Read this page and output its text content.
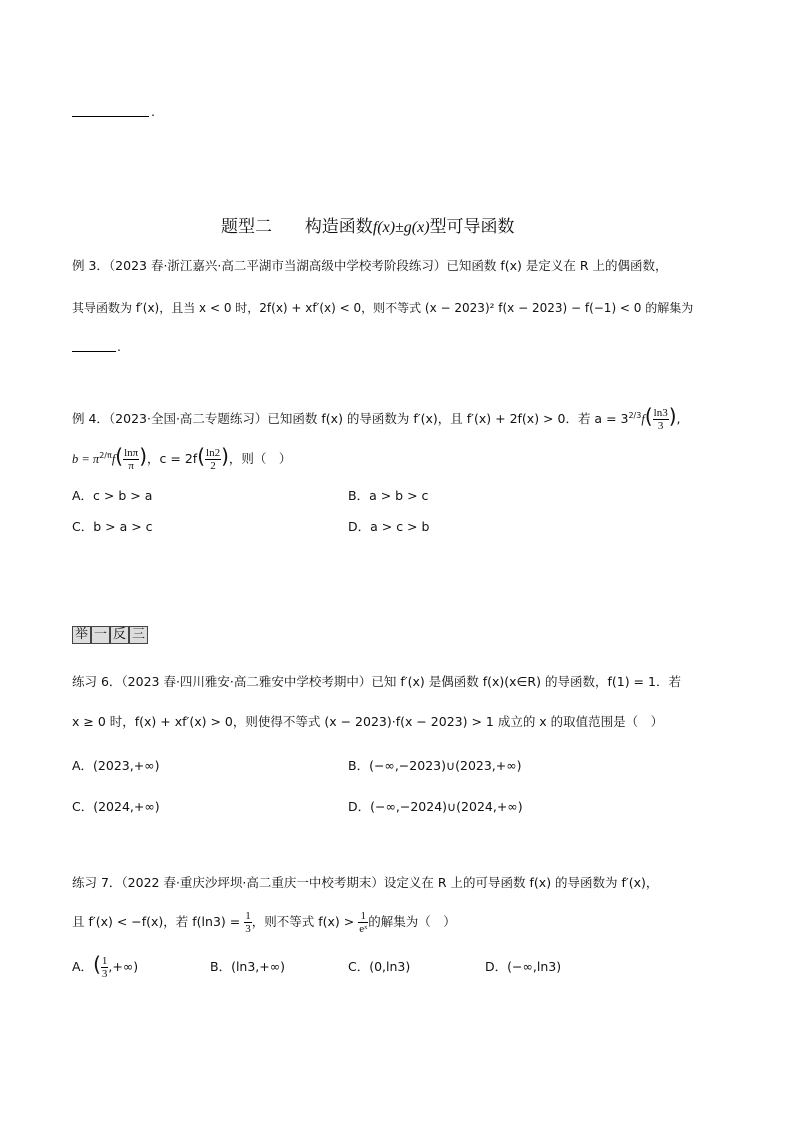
.
题型二 构造函数f(x)±g(x)型可导函数
例 3．（2023 春·浙江嘉兴·高二平湖市当湖高级中学校考阶段练习）已知函数 f(x) 是定义在 R 上的偶函数，
其导函数为 f′(x)，且当 x < 0 时，2f(x) + xf′(x) < 0，则不等式 (x − 2023)² f(x − 2023) − f(−1) < 0 的解集为
.
例 4．（2023·全国·高二专题练习）已知函数 f(x) 的导函数为 f′(x)，且 f′(x) + 2f(x) > 0．若 $a = 3^{2/3}f( \frac{\ln 3}{3}$ ),
$b = \pi^{2/\pi}f( \frac{\ln\pi}{\pi}$ )，$c = 2f( \frac{\ln 2}{2}$ )，则（　）
A．c > b > a	B．a > b > c
C．b > a > c	D．a > c > b
举 一 反 三
练习 6．（2023 春·四川雅安·高二雅安中学校考期中）已知 f′(x) 是偶函数 f(x)(x∈R) 的导函数，f(1) = 1．若
x ≥ 0 时，f(x) + xf′(x) > 0，则使得不等式 (x − 2023)·f(x − 2023) > 1 成立的 x 的取值范围是（　）
A．(2023,+∞)	B．(−∞,−2023)∪(2023,+∞)
C．(2024,+∞)	D．(−∞,−2024)∪(2024,+∞)
练习 7．（2022 春·重庆沙坪坝·高二重庆一中校考期末）设定义在 R 上的可导函数 f(x) 的导函数为 f′(x)，
且 f′(x) < −f(x)，若 $f(\ln 3) = \frac{1}{3}$ ，则不等式 $f(x) > \frac{1}{\text{eˣ}}$ 的解集为（　）
A．( $\frac{1}{3}$ ,+∞)	B．(ln3,+∞)	C．(0,ln3)	D．(−∞,ln3)
